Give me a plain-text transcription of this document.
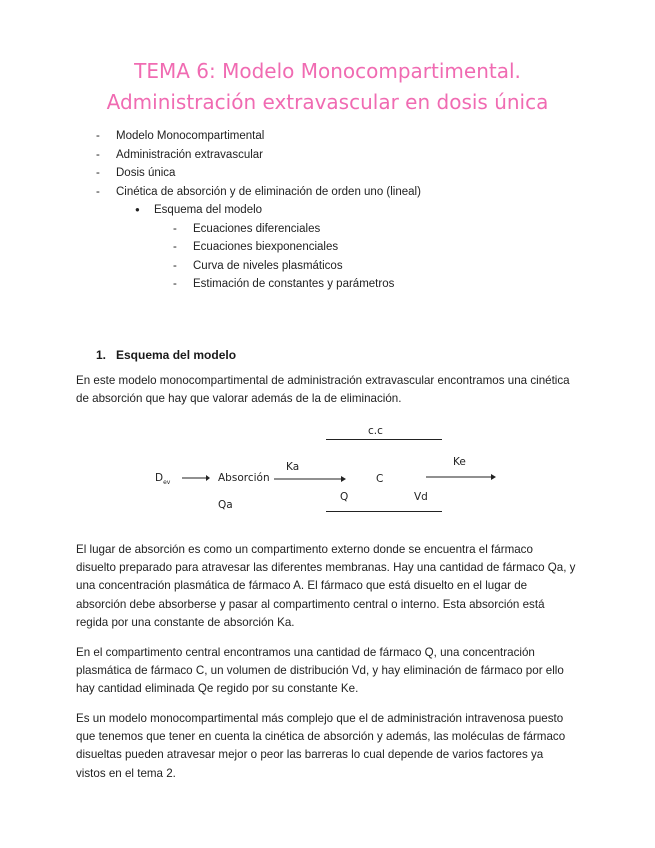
TEMA 6: Modelo Monocompartimental.
Administración extravascular en dosis única
- Modelo Monocompartimental
- Administración extravascular
- Dosis única
- Cinética de absorción y de eliminación de orden uno (lineal)
● Esquema del modelo
- Ecuaciones diferenciales
- Ecuaciones biexponenciales
- Curva de niveles plasmáticos
- Estimación de constantes y parámetros
1. Esquema del modelo

En este modelo monocompartimental de administración extravascular encontramos una cinética de absorción que hay que valorar además de la de eliminación.

$D_{ev}$	Absorción
Qa
Ka
c.c
C
Q	Vd
Ke

El lugar de absorción es como un compartimento externo donde se encuentra el fármaco disuelto preparado para atravesar las diferentes membranas. Hay una cantidad de fármaco Qa, y una concentración plasmática de fármaco A. El fármaco que está disuelto en el lugar de absorción debe absorberse y pasar al compartimento central o interno. Esta absorción está regida por una constante de absorción Ka.

En el compartimento central encontramos una cantidad de fármaco Q, una concentración plasmática de fármaco C, un volumen de distribución Vd, y hay eliminación de fármaco por ello hay cantidad eliminada Qe regido por su constante Ke.

Es un modelo monocompartimental más complejo que el de administración intravenosa puesto que tenemos que tener en cuenta la cinética de absorción y además, las moléculas de fármaco disueltas pueden atravesar mejor o peor las barreras lo cual depende de varios factores ya vistos en el tema 2.
